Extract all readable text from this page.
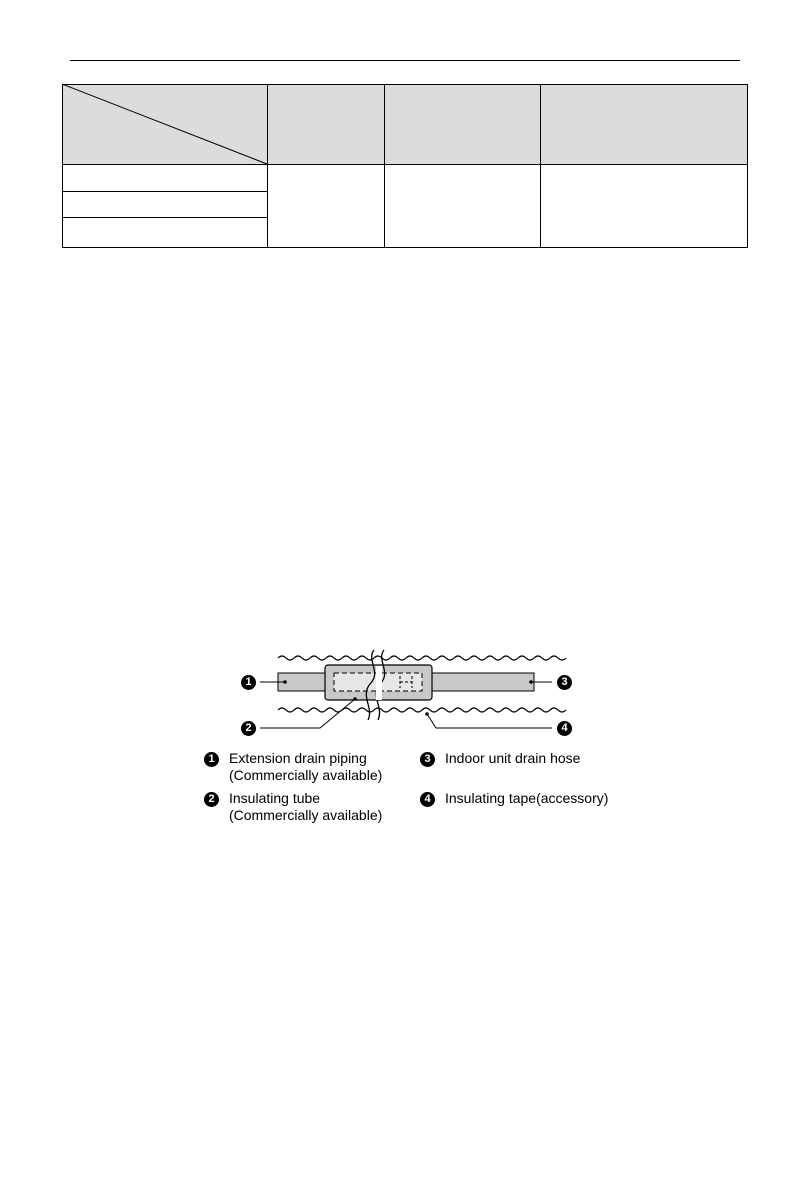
1	3
2	4
1	Extension drain piping
(Commercially available)
2	Insulating tube
(Commercially available)
3	Indoor unit drain hose
4	Insulating tape(accessory)
